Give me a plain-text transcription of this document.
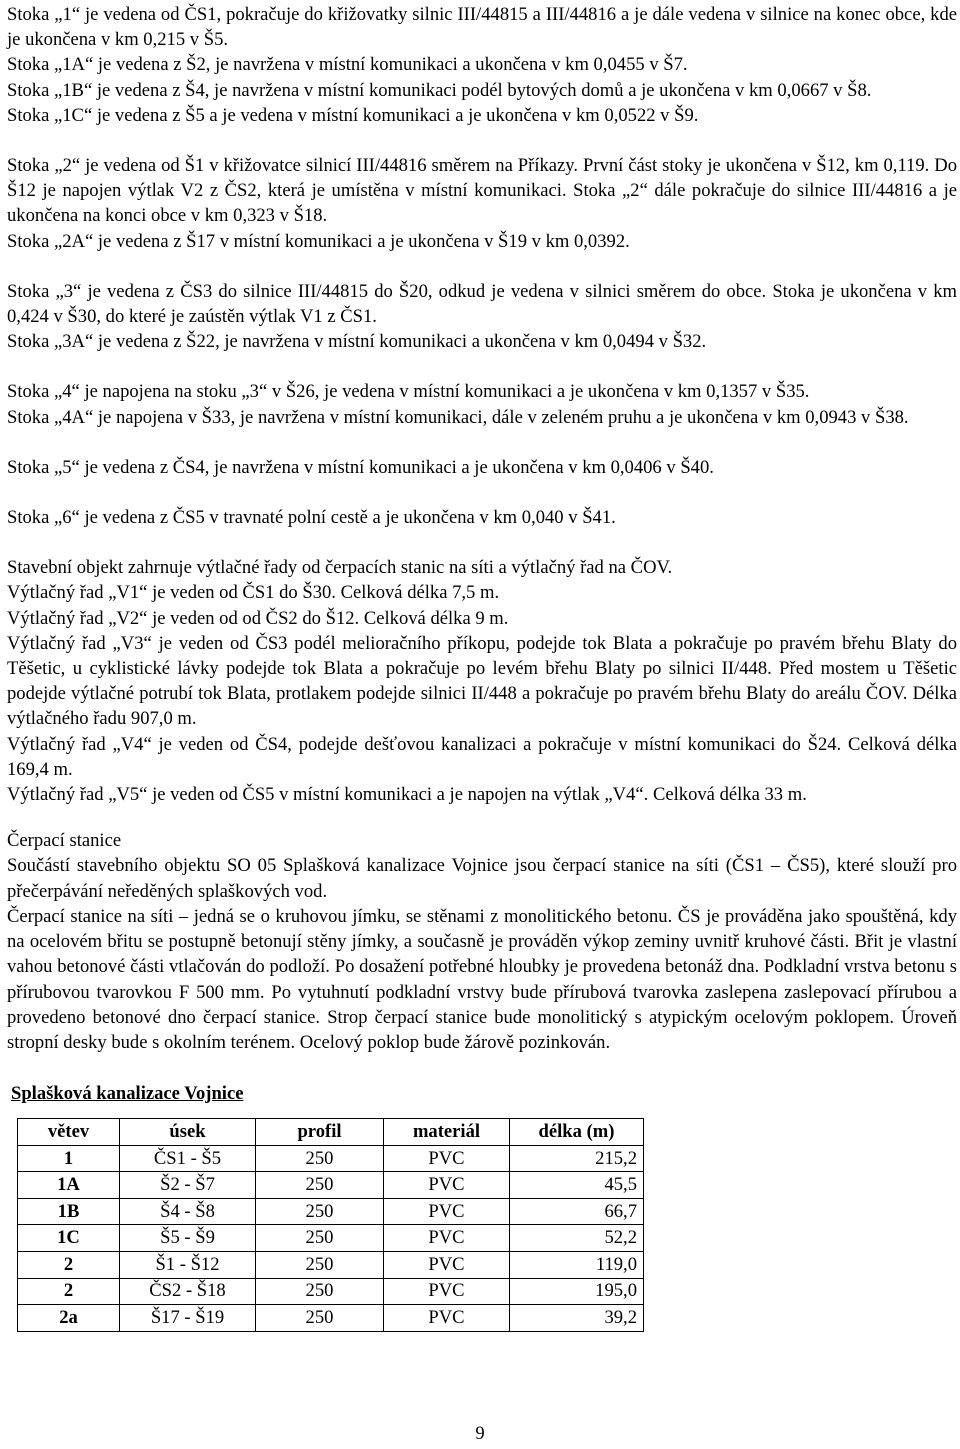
Stoka „1“ je vedena od ČS1, pokračuje do křižovatky silnic III/44815 a III/44816 a je dále vedena v silnice na konec obce, kde je ukončena v km 0,215 v Š5.

Stoka „1A“ je vedena z Š2, je navržena v místní komunikaci a ukončena v km 0,0455 v Š7.

Stoka „1B“ je vedena z Š4, je navržena v místní komunikaci podél bytových domů a je ukončena v km 0,0667 v Š8.

Stoka „1C“ je vedena z Š5 a je vedena v místní komunikaci a je ukončena v km 0,0522 v Š9.

Stoka „2“ je vedena od Š1 v křižovatce silnicí III/44816 směrem na Příkazy. První část stoky je ukončena v Š12, km 0,119. Do Š12 je napojen výtlak V2 z ČS2, která je umístěna v místní komunikaci. Stoka „2“ dále pokračuje do silnice III/44816 a je ukončena na konci obce v km 0,323 v Š18.

Stoka „2A“ je vedena z Š17 v místní komunikaci a je ukončena v Š19 v km 0,0392.

Stoka „3“ je vedena z ČS3 do silnice III/44815 do Š20, odkud je vedena v silnici směrem do obce. Stoka je ukončena v km 0,424 v Š30, do které je zaústěn výtlak V1 z ČS1.

Stoka „3A“ je vedena z Š22, je navržena v místní komunikaci a ukončena v km 0,0494 v Š32.

Stoka „4“ je napojena na stoku „3“ v Š26, je vedena v místní komunikaci a je ukončena v km 0,1357 v Š35.

Stoka „4A“ je napojena v Š33, je navržena v místní komunikaci, dále v zeleném pruhu a je ukončena v km 0,0943 v Š38.

Stoka „5“ je vedena z ČS4, je navržena v místní komunikaci a je ukončena v km 0,0406 v Š40.

Stoka „6“ je vedena z ČS5 v travnaté polní cestě a je ukončena v km 0,040 v Š41.

Stavební objekt zahrnuje výtlačné řady od čerpacích stanic na síti a výtlačný řad na ČOV.

Výtlačný řad „V1“ je veden od ČS1 do Š30. Celková délka 7,5 m.

Výtlačný řad „V2“ je veden od od ČS2 do Š12. Celková délka 9 m.

Výtlačný řad „V3“ je veden od ČS3 podél melioračního příkopu, podejde tok Blata a pokračuje po pravém břehu Blaty do Těšetic, u cyklistické lávky podejde tok Blata a pokračuje po levém břehu Blaty po silnici II/448. Před mostem u Těšetic podejde výtlačné potrubí tok Blata, protlakem podejde silnici II/448 a pokračuje po pravém břehu Blaty do areálu ČOV. Délka výtlačného řadu 907,0 m.

Výtlačný řad „V4“ je veden od ČS4, podejde dešťovou kanalizaci a pokračuje v místní komunikaci do Š24. Celková délka 169,4 m.

Výtlačný řad „V5“ je veden od ČS5 v místní komunikaci a je napojen na výtlak „V4“. Celková délka 33 m.

Čerpací stanice

Součástí stavebního objektu SO 05 Splašková kanalizace Vojnice jsou čerpací stanice na síti (ČS1 – ČS5), které slouží pro přečerpávání neředěných splaškových vod.

Čerpací stanice na síti – jedná se o kruhovou jímku, se stěnami z monolitického betonu. ČS je prováděna jako spouštěná, kdy na ocelovém břitu se postupně betonují stěny jímky, a současně je prováděn výkop zeminy uvnitř kruhové části. Břit je vlastní vahou betonové části vtlačován do podloží. Po dosažení potřebné hloubky je provedena betonáž dna. Podkladní vrstva betonu s přírubovou tvarovkou F 500 mm. Po vytuhnutí podkladní vrstvy bude přírubová tvarovka zaslepena zaslepovací přírubou a provedeno betonové dno čerpací stanice. Strop čerpací stanice bude monolitický s atypickým ocelovým poklopem. Úroveň stropní desky bude s okolním terénem. Ocelový poklop bude žárově pozinkován.

Splašková kanalizace Vojnice
větev	úsek	profil	materiál	délka (m)
1	ČS1 - Š5	250	PVC	215,2
1A	Š2 - Š7	250	PVC	45,5
1B	Š4 - Š8	250	PVC	66,7
1C	Š5 - Š9	250	PVC	52,2
2	Š1 - Š12	250	PVC	119,0
2	ČS2 - Š18	250	PVC	195,0
2a	Š17 - Š19	250	PVC	39,2
9
